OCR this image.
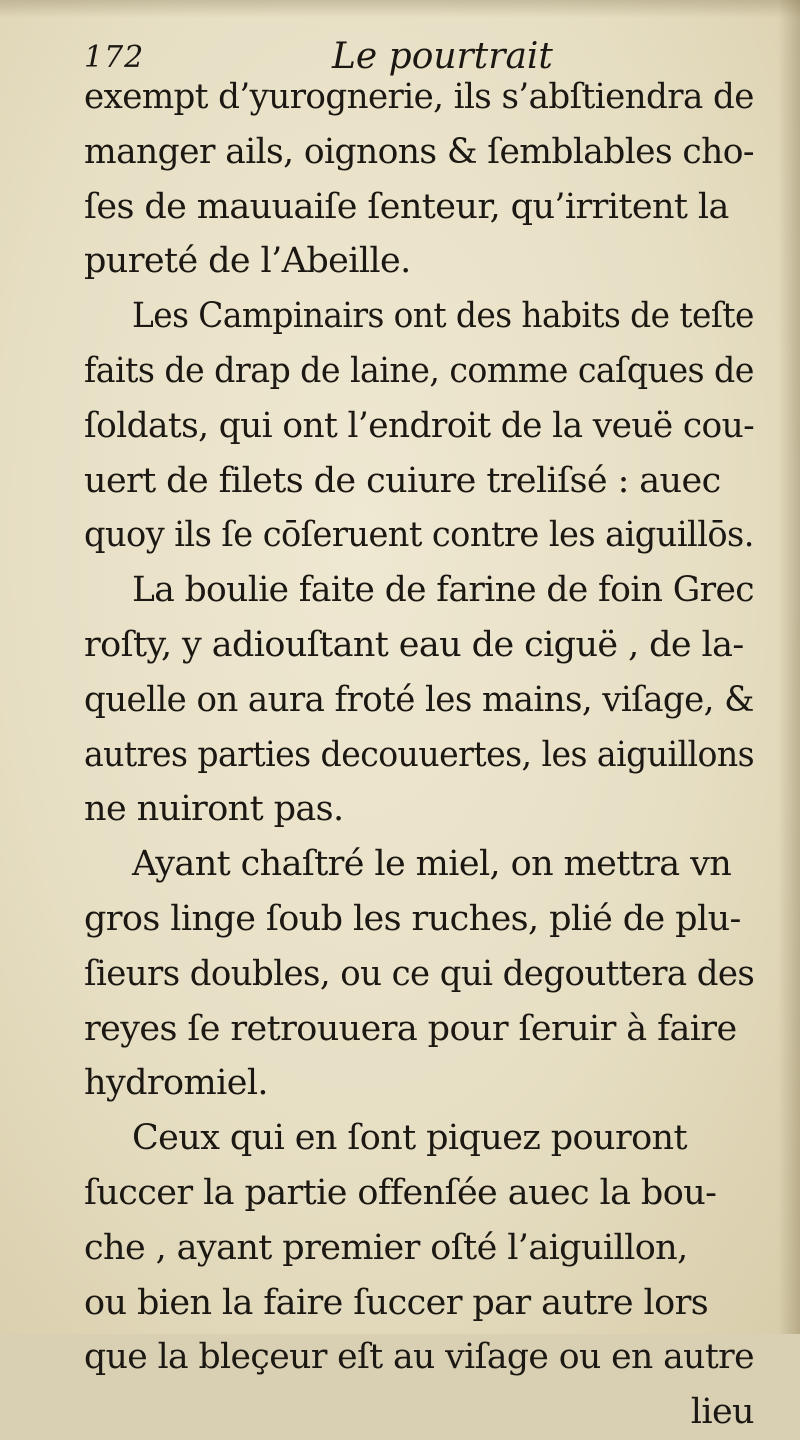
172	Le pourtrait
exempt d’yurognerie, ils s’abſtiendra de
manger ails, oignons & ſemblables cho-
ſes de mauuaiſe ſenteur, qu’irritent la
pureté de l’Abeille.
Les Campinairs ont des habits de teſte
faits de drap de laine, comme caſques de
ſoldats, qui ont l’endroit de la veuë cou-
uert de filets de cuiure treliſsé : auec
quoy ils ſe cōſeruent contre les aiguillōs.
La boulie faite de farine de foin Grec
roſty, y adiouſtant eau de ciguë , de la-
quelle on aura froté les mains, viſage, &
autres parties decouuertes, les aiguillons
ne nuiront pas.
Ayant chaſtré le miel, on mettra vn
gros linge ſoub les ruches, plié de plu-
ſieurs doubles, ou ce qui degouttera des
reyes ſe retrouuera pour ſeruir à faire
hydromiel.
Ceux qui en ſont piquez pouront
ſuccer la partie offenſée auec la bou-
che , ayant premier oſté l’aiguillon,
ou bien la faire ſuccer par autre lors
que la bleçeur eſt au viſage ou en autre
lieu
